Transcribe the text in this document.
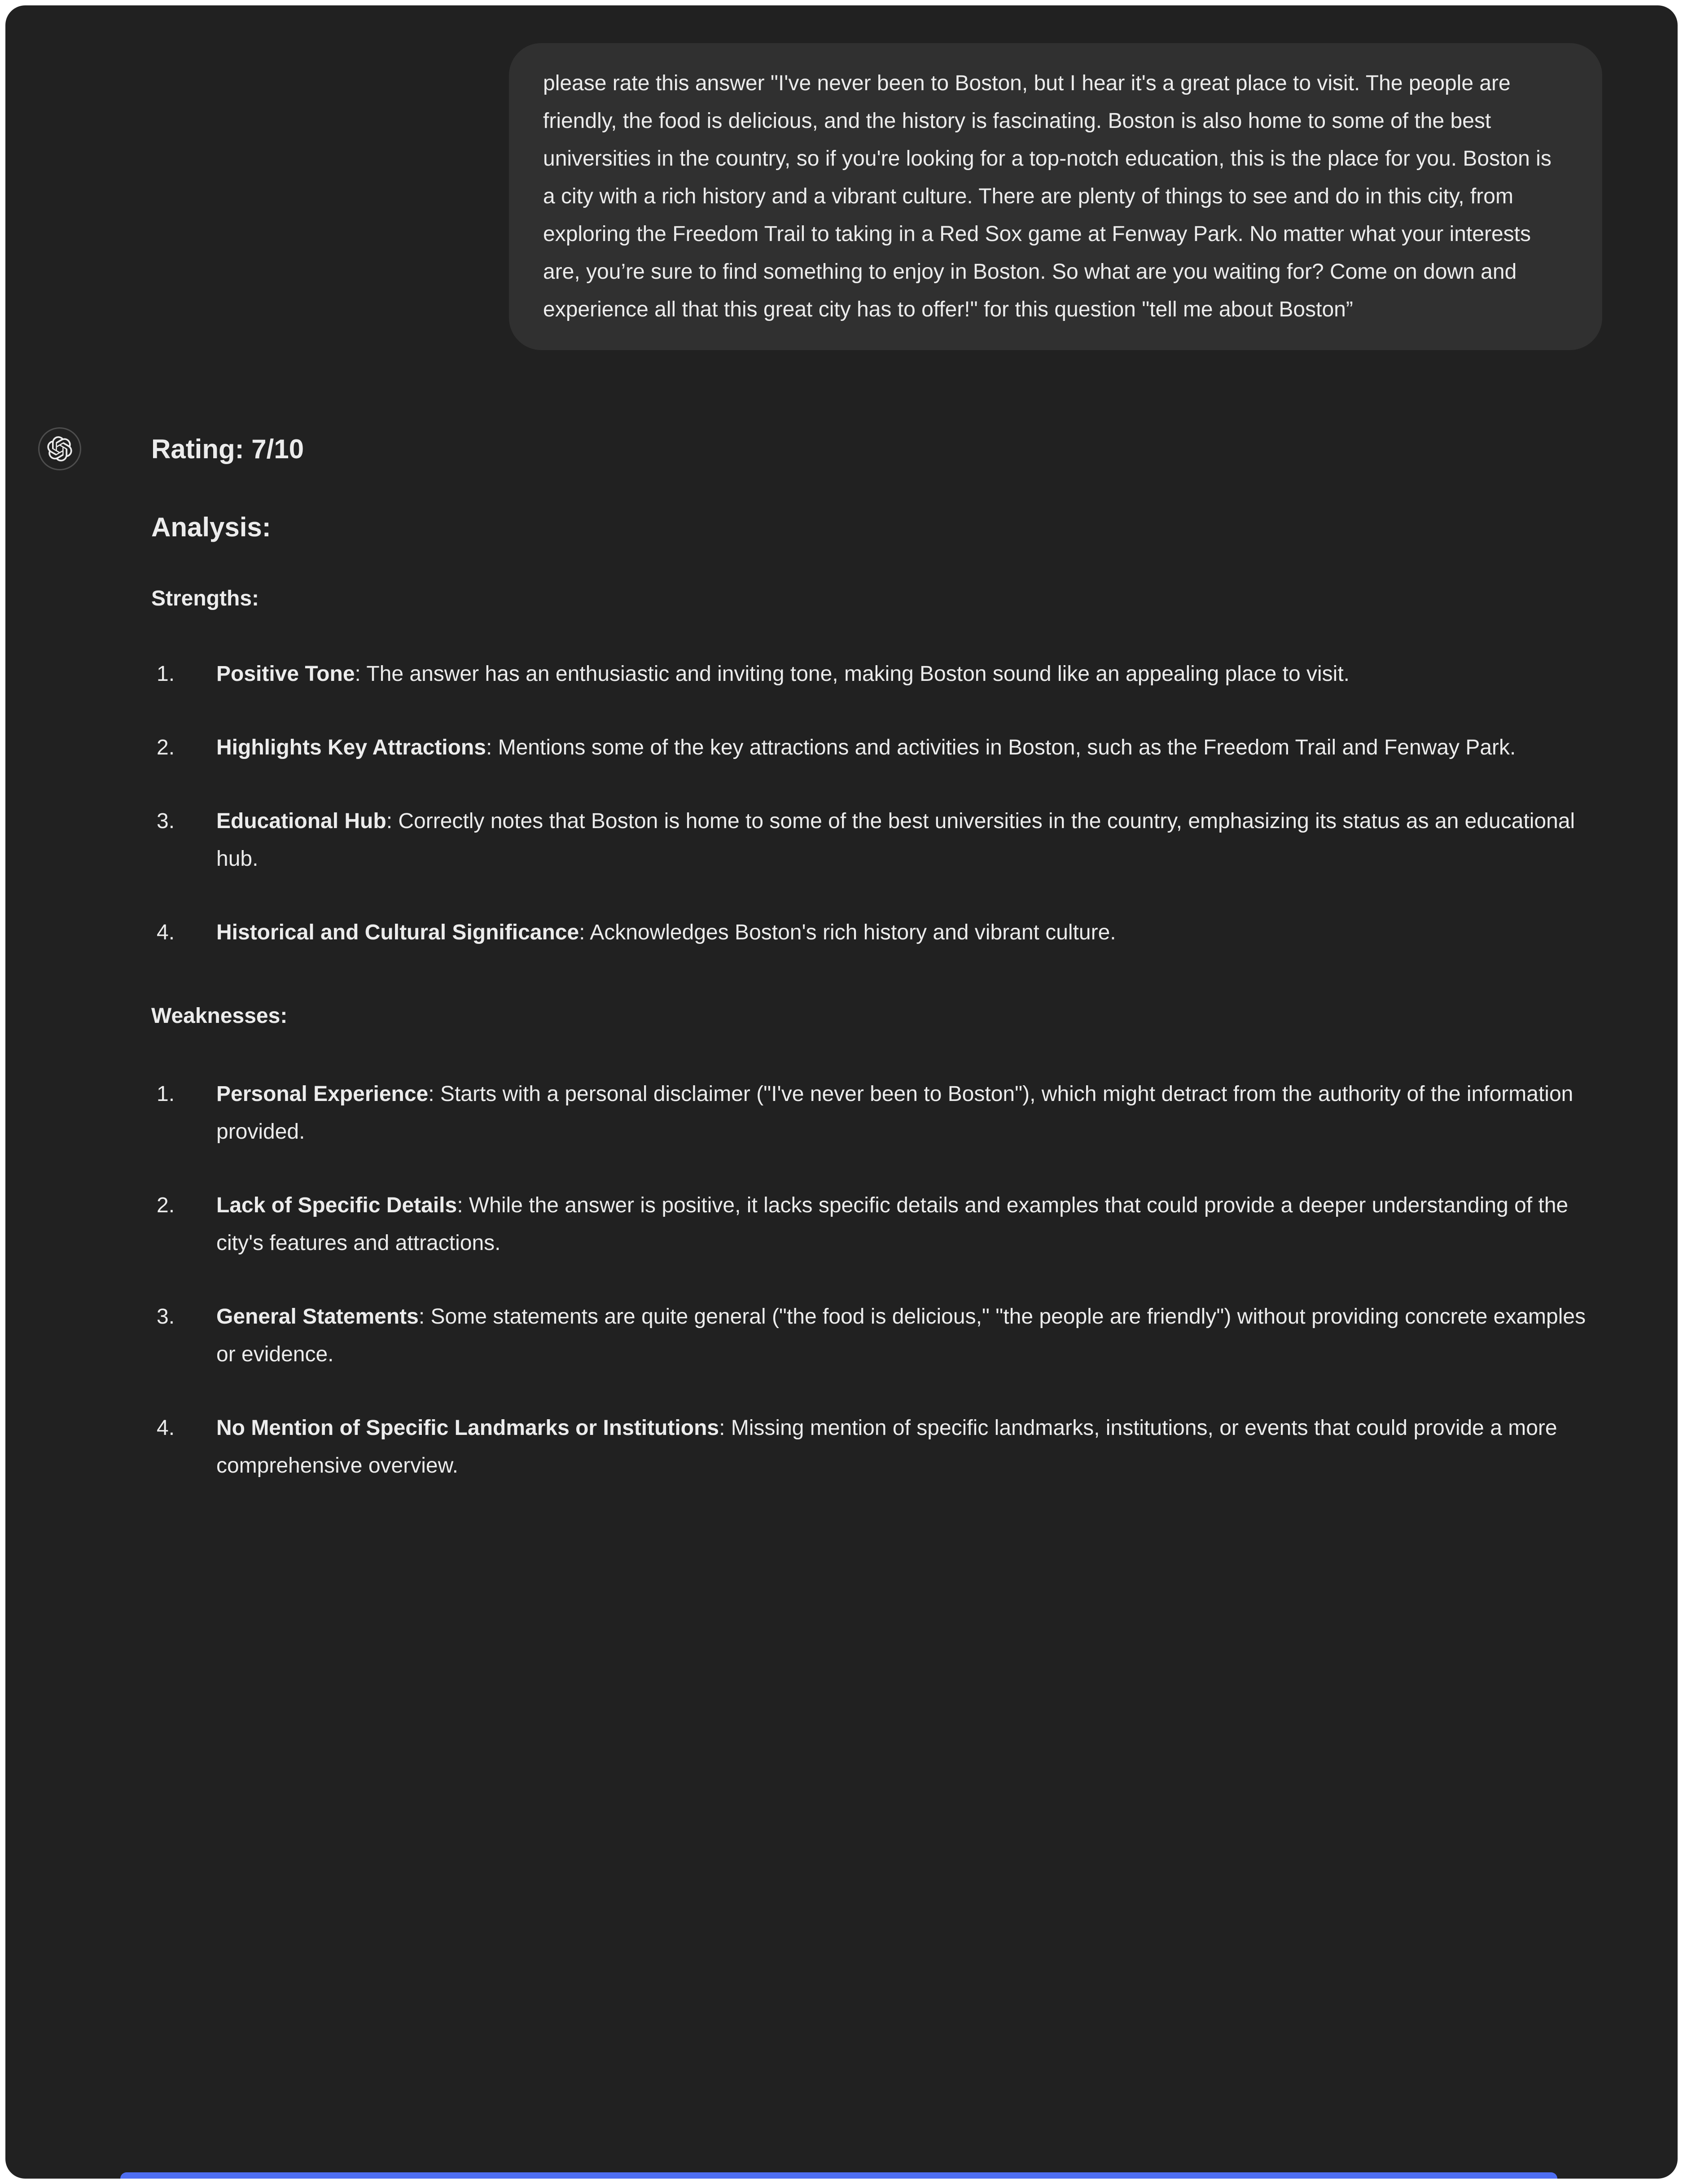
please rate this answer "I've never been to Boston, but I hear it's a great place to visit. The people are friendly, the food is delicious, and the history is fascinating. Boston is also home to some of the best universities in the country, so if you're looking for a top-notch education, this is the place for you. Boston is a city with a rich history and a vibrant culture. There are plenty of things to see and do in this city, from exploring the Freedom Trail to taking in a Red Sox game at Fenway Park. No matter what your interests are, you’re sure to find something to enjoy in Boston. So what are you waiting for? Come on down and experience all that this great city has to offer!" for this question "tell me about Boston”
Rating: 7/10
Analysis:
Strengths:
Positive Tone: The answer has an enthusiastic and inviting tone, making Boston sound like an appealing place to visit.
Highlights Key Attractions: Mentions some of the key attractions and activities in Boston, such as the Freedom Trail and Fenway Park.
Educational Hub: Correctly notes that Boston is home to some of the best universities in the country, emphasizing its status as an educational hub.
Historical and Cultural Significance: Acknowledges Boston's rich history and vibrant culture.
Weaknesses:
Personal Experience: Starts with a personal disclaimer ("I've never been to Boston"), which might detract from the authority of the information provided.
Lack of Specific Details: While the answer is positive, it lacks specific details and examples that could provide a deeper understanding of the city's features and attractions.
General Statements: Some statements are quite general ("the food is delicious," "the people are friendly") without providing concrete examples or evidence.
No Mention of Specific Landmarks or Institutions: Missing mention of specific landmarks, institutions, or events that could provide a more comprehensive overview.
